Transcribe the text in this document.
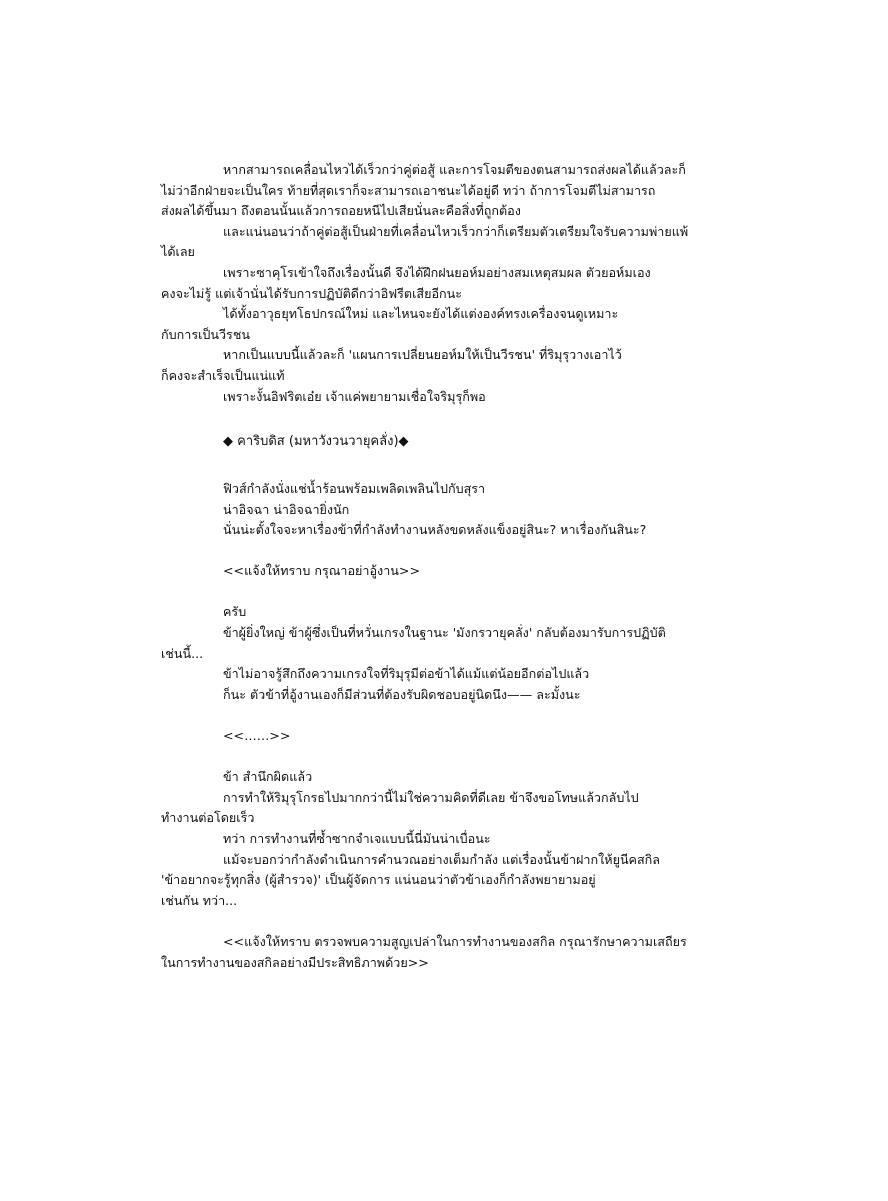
หากสามารถเคลื่อนไหวได้เร็วกว่าคู่ต่อสู้ และการโจมตีของตนสามารถส่งผลได้แล้วละก็

ไม่ว่าอีกฝ่ายจะเป็นใคร ท้ายที่สุดเราก็จะสามารถเอาชนะได้อยู่ดี ทว่า ถ้าการโจมตีไม่สามารถ

ส่งผลได้ขึ้นมา ถึงตอนนั้นแล้วการถอยหนีไปเสียนั่นละคือสิ่งที่ถูกต้อง

และแน่นอนว่าถ้าคู่ต่อสู้เป็นฝ่ายที่เคลื่อนไหวเร็วกว่าก็เตรียมตัวเตรียมใจรับความพ่ายแพ้

ได้เลย

เพราะซาคุโรเข้าใจถึงเรื่องนั้นดี จึงได้ฝึกฝนยอห์มอย่างสมเหตุสมผล ตัวยอห์มเอง

คงจะไม่รู้ แต่เจ้านั่นได้รับการปฏิบัติดีกว่าอิฟรีตเสียอีกนะ

ได้ทั้งอาวุธยุทโธปกรณ์ใหม่ และไหนจะยังได้แต่งองค์ทรงเครื่องจนดูเหมาะ

กับการเป็นวีรชน

หากเป็นแบบนี้แล้วละก็ 'แผนการเปลี่ยนยอห์มให้เป็นวีรชน' ที่ริมุรุวางเอาไว้

ก็คงจะสำเร็จเป็นแน่แท้

เพราะงั้นอิฟริตเอ๋ย เจ้าแค่พยายามเชื่อใจริมุรุก็พอ

◆ คาริบดิส (มหาวังวนวายุคลั่ง)◆

ฟิวส์กำลังนั่งแช่น้ำร้อนพร้อมเพลิดเพลินไปกับสุรา

น่าอิจฉา น่าอิจฉายิ่งนัก

นั่นน่ะตั้งใจจะหาเรื่องข้าที่กำลังทำงานหลังขดหลังแข็งอยู่สินะ? หาเรื่องกันสินะ?

<<แจ้งให้ทราบ กรุณาอย่าอู้งาน>>

ครับ

ข้าผู้ยิ่งใหญ่ ข้าผู้ซึ่งเป็นที่หวั่นเกรงในฐานะ 'มังกรวายุคลั่ง' กลับต้องมารับการปฏิบัติ

เช่นนี้...

ข้าไม่อาจรู้สึกถึงความเกรงใจที่ริมุรุมีต่อข้าได้แม้แต่น้อยอีกต่อไปแล้ว

ก็นะ ตัวข้าที่อู้งานเองก็มีส่วนที่ต้องรับผิดชอบอยู่นิดนึง—— ละมั้งนะ

<<……>>

ข้า สำนึกผิดแล้ว

การทำให้ริมุรุโกรธไปมากกว่านี้ไม่ใช่ความคิดที่ดีเลย ข้าจึงขอโทษแล้วกลับไป

ทำงานต่อโดยเร็ว

ทว่า การทำงานที่ซ้ำซากจำเจแบบนี้นี่มันน่าเบื่อนะ

แม้จะบอกว่ากำลังดำเนินการคำนวณอย่างเต็มกำลัง แต่เรื่องนั้นข้าฝากให้ยูนีคสกิล

'ข้าอยากจะรู้ทุกสิ่ง (ผู้สำรวจ)' เป็นผู้จัดการ แน่นอนว่าตัวข้าเองก็กำลังพยายามอยู่

เช่นกัน ทว่า...

<<แจ้งให้ทราบ ตรวจพบความสูญเปล่าในการทำงานของสกิล กรุณารักษาความเสถียร

ในการทำงานของสกิลอย่างมีประสิทธิภาพด้วย>>
